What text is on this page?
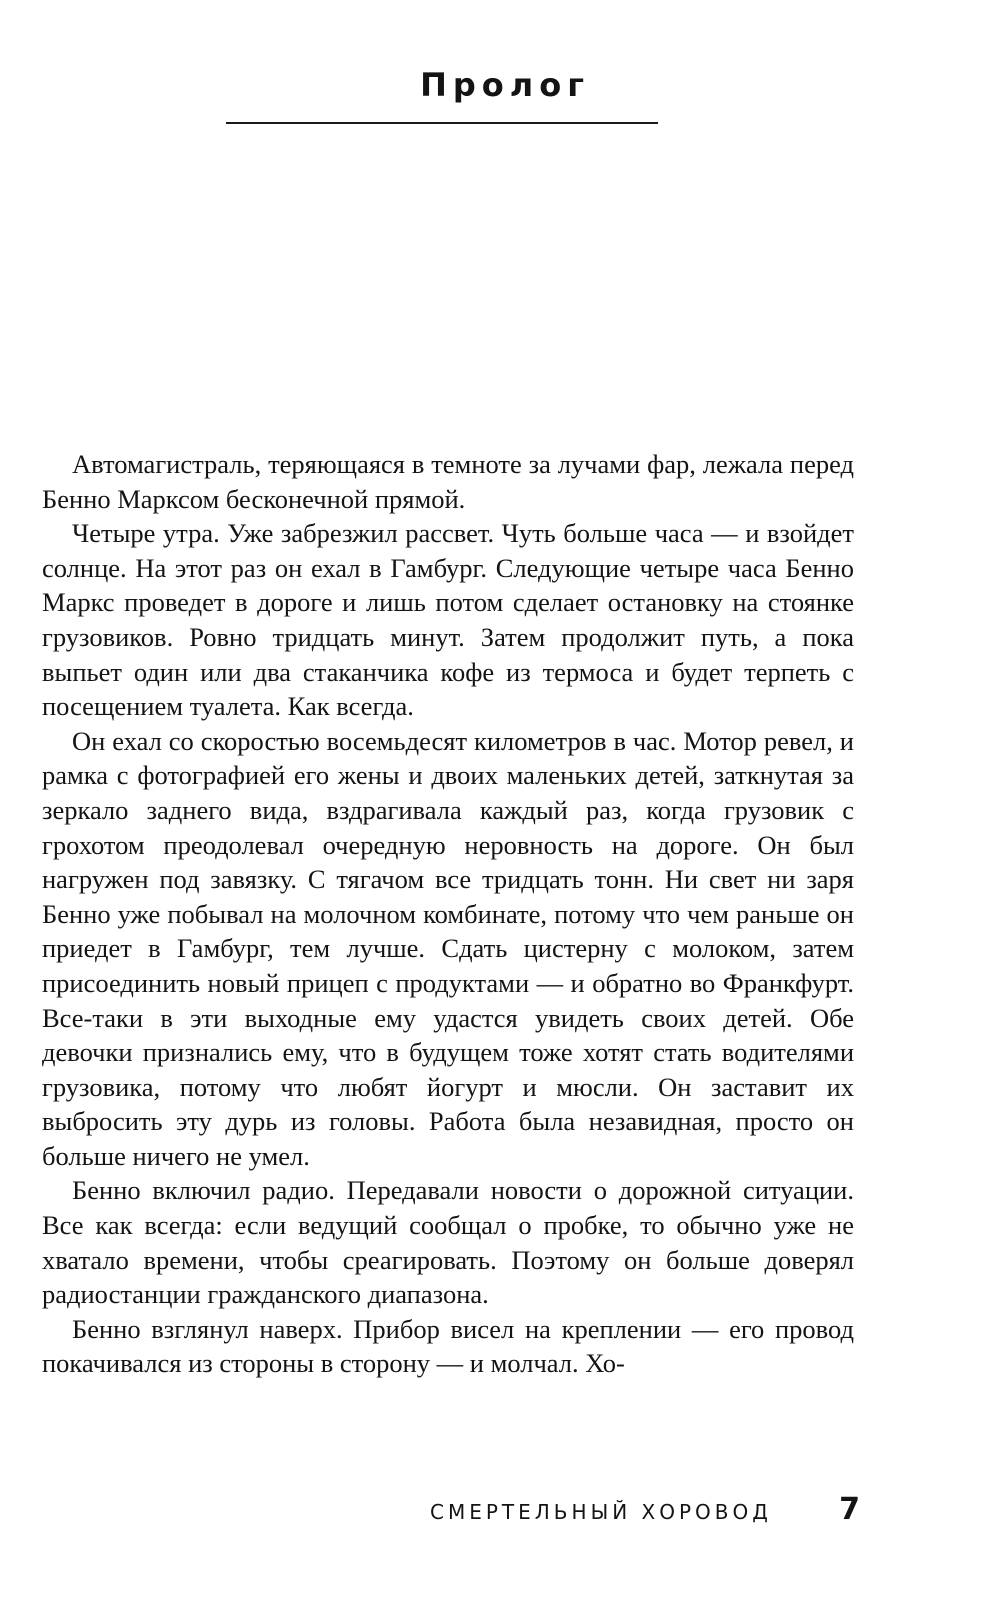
Пролог

Автомагистраль, теряющаяся в темноте за лучами фар, лежала перед Бенно Марксом бесконечной прямой.

Четыре утра. Уже забрезжил рассвет. Чуть больше часа — и взойдет солнце. На этот раз он ехал в Гамбург. Следующие четыре часа Бенно Маркс проведет в дороге и лишь потом сделает остановку на стоянке грузовиков. Ровно тридцать минут. Затем продолжит путь, а пока выпьет один или два стаканчика кофе из термоса и будет терпеть с посещением туалета. Как всегда.

Он ехал со скоростью восемьдесят километров в час. Мотор ревел, и рамка с фотографией его жены и двоих маленьких детей, заткнутая за зеркало заднего вида, вздрагивала каждый раз, когда грузовик с грохотом преодолевал очередную неровность на дороге. Он был нагружен под завязку. С тягачом все тридцать тонн. Ни свет ни заря Бенно уже побывал на молочном комбинате, потому что чем раньше он приедет в Гамбург, тем лучше. Сдать цистерну с молоком, затем присоединить новый прицеп с продуктами — и обратно во Франкфурт. Все-таки в эти выходные ему удастся увидеть своих детей. Обе девочки признались ему, что в будущем тоже хотят стать водителями грузовика, потому что любят йогурт и мюсли. Он заставит их выбросить эту дурь из головы. Работа была незавидная, просто он больше ничего не умел.

Бенно включил радио. Передавали новости о дорожной ситуации. Все как всегда: если ведущий сообщал о пробке, то обычно уже не хватало времени, чтобы среагировать. Поэтому он больше доверял радиостанции гражданского диапазона.

Бенно взглянул наверх. Прибор висел на креплении — его провод покачивался из стороны в сторону — и молчал. Хо-

СМЕРТЕЛЬНЫЙ ХОРОВОД 7
